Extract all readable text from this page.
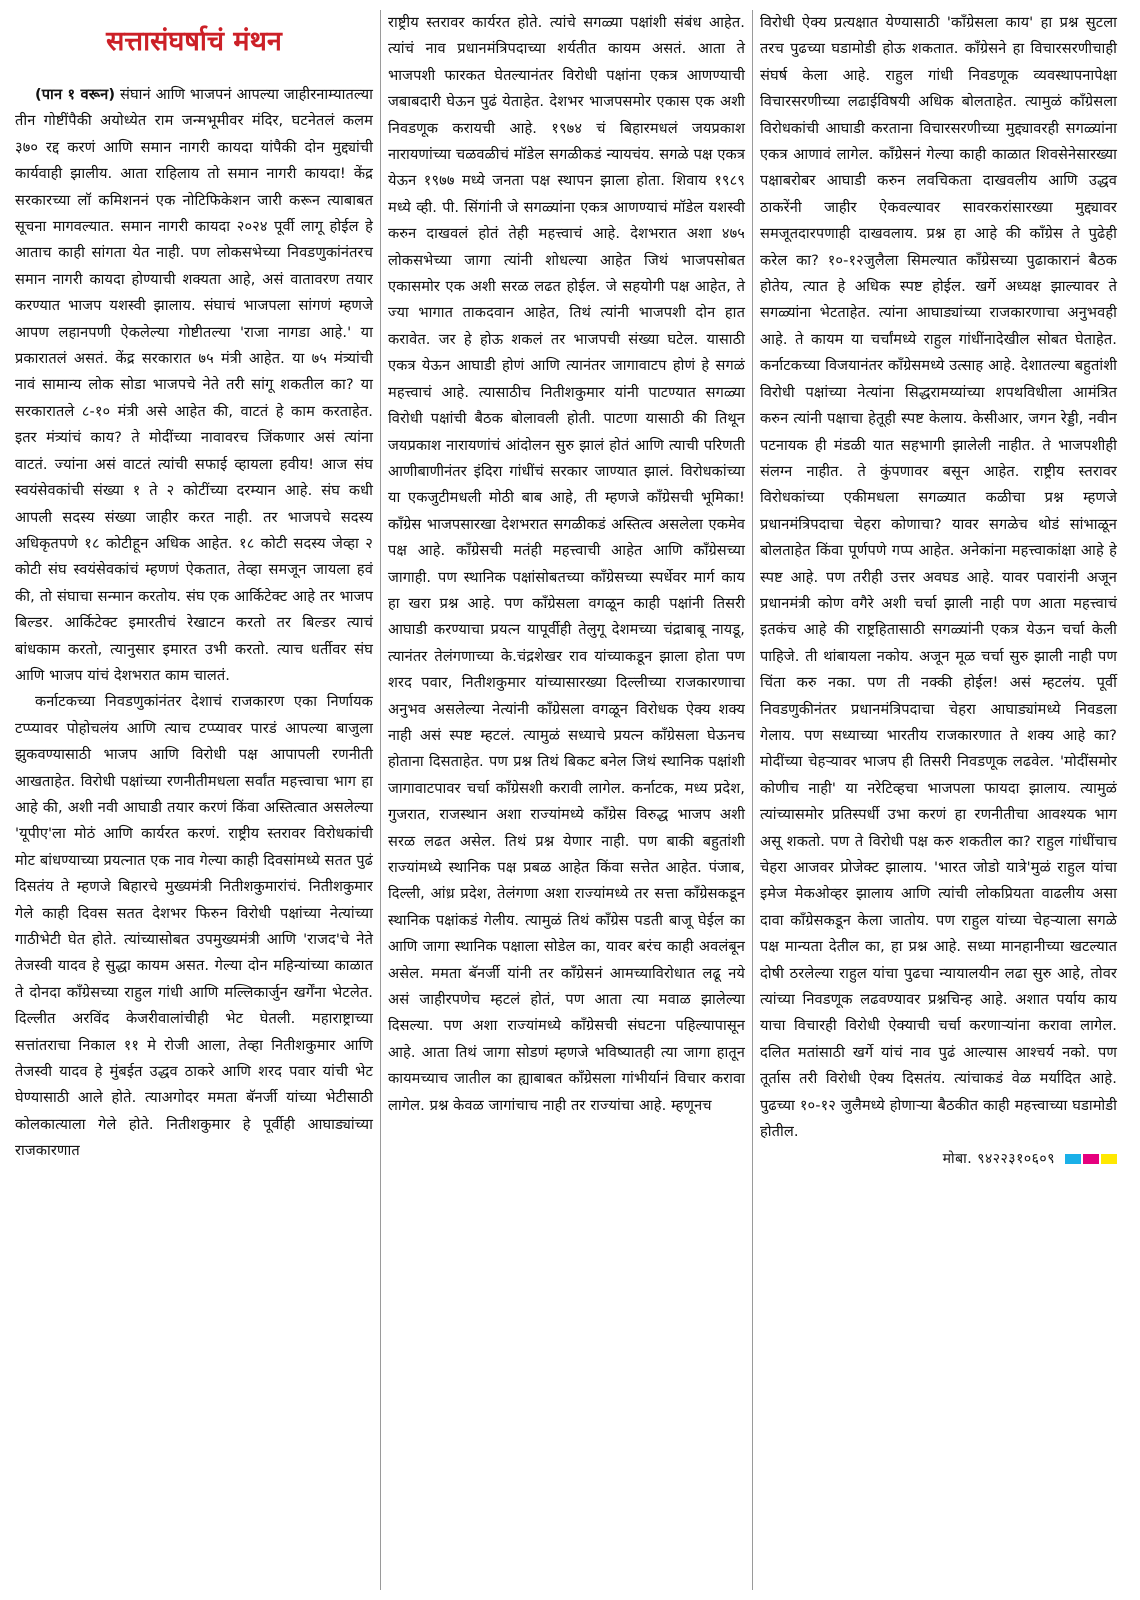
सत्तासंघर्षाचं मंथन

(पान १ वरून) संघानं आणि भाजपनं आपल्या जाहीरनाम्यातल्या तीन गोष्टींपैकी अयोध्येत राम जन्मभूमीवर मंदिर, घटनेतलं कलम ३७० रद्द करणं आणि समान नागरी कायदा यांपैकी दोन मुद्द्यांची कार्यवाही झालीय. आता राहिलाय तो समान नागरी कायदा! केंद्र सरकारच्या लॉ कमिशननं एक नोटिफिकेशन जारी करून त्याबाबत सूचना मागवल्यात. समान नागरी कायदा २०२४ पूर्वी लागू होईल हे आताच काही सांगता येत नाही. पण लोकसभेच्या निवडणुकांनंतरच समान नागरी कायदा होण्याची शक्यता आहे, असं वातावरण तयार करण्यात भाजप यशस्वी झालाय. संघाचं भाजपला सांगणं म्हणजे आपण लहानपणी ऐकलेल्या गोष्टीतल्या 'राजा नागडा आहे.' या प्रकारातलं असतं. केंद्र सरकारात ७५ मंत्री आहेत. या ७५ मंत्र्यांची नावं सामान्य लोक सोडा भाजपचे नेते तरी सांगू शकतील का? या सरकारातले ८-१० मंत्री असे आहेत की, वाटतं हे काम करताहेत. इतर मंत्र्यांचं काय? ते मोदींच्या नावावरच जिंकणार असं त्यांना वाटतं. ज्यांना असं वाटतं त्यांची सफाई व्हायला हवीय! आज संघ स्वयंसेवकांची संख्या १ ते २ कोटींच्या दरम्यान आहे. संघ कधी आपली सदस्य संख्या जाहीर करत नाही. तर भाजपचे सदस्य अधिकृतपणे १८ कोटीहून अधिक आहेत. १८ कोटी सदस्य जेव्हा २ कोटी संघ स्वयंसेवकांचं म्हणणं ऐकतात, तेव्हा समजून जायला हवं की, तो संघाचा सन्मान करतोय. संघ एक आर्किटेक्ट आहे तर भाजप बिल्डर. आर्किटेक्ट इमारतीचं रेखाटन करतो तर बिल्डर त्याचं बांधकाम करतो, त्यानुसार इमारत उभी करतो. त्याच धर्तीवर संघ आणि भाजप यांचं देशभरात काम चालतं.

कर्नाटकच्या निवडणुकांनंतर देशाचं राजकारण एका निर्णायक टप्प्यावर पोहोचलंय आणि त्याच टप्प्यावर पारडं आपल्या बाजुला झुकवण्यासाठी भाजप आणि विरोधी पक्ष आपापली रणनीती आखताहेत. विरोधी पक्षांच्या रणनीतीमधला सर्वांत महत्त्वाचा भाग हा आहे की, अशी नवी आघाडी तयार करणं किंवा अस्तित्वात असलेल्या 'यूपीए'ला मोठं आणि कार्यरत करणं. राष्ट्रीय स्तरावर विरोधकांची मोट बांधण्याच्या प्रयत्नात एक नाव गेल्या काही दिवसांमध्ये सतत पुढं दिसतंय ते म्हणजे बिहारचे मुख्यमंत्री नितीशकुमारांचं. नितीशकुमार गेले काही दिवस सतत देशभर फिरुन विरोधी पक्षांच्या नेत्यांच्या गाठीभेटी घेत होते. त्यांच्यासोबत उपमुख्यमंत्री आणि 'राजद'चे नेते तेजस्वी यादव हे सुद्धा कायम असत. गेल्या दोन महिन्यांच्या काळात ते दोनदा काँग्रेसच्या राहुल गांधी आणि मल्लिकार्जुन खर्गेंना भेटलेत. दिल्लीत अरविंद केजरीवालांचीही भेट घेतली. महाराष्ट्राच्या सत्तांतराचा निकाल ११ मे रोजी आला, तेव्हा नितीशकुमार आणि तेजस्वी यादव हे मुंबईत उद्धव ठाकरे आणि शरद पवार यांची भेट घेण्यासाठी आले होते. त्याअगोदर ममता बॅनर्जी यांच्या भेटीसाठी कोलकात्याला गेले होते. नितीशकुमार हे पूर्वीही आघाड्यांच्या राजकारणात

राष्ट्रीय स्तरावर कार्यरत होते. त्यांचे सगळ्या पक्षांशी संबंध आहेत. त्यांचं नाव प्रधानमंत्रिपदाच्या शर्यतीत कायम असतं. आता ते भाजपशी फारकत घेतल्यानंतर विरोधी पक्षांना एकत्र आणण्याची जबाबदारी घेऊन पुढं येताहेत. देशभर भाजपसमोर एकास एक अशी निवडणूक करायची आहे. १९७४ चं बिहारमधलं जयप्रकाश नारायणांच्या चळवळीचं मॉडेल सगळीकडं न्यायचंय. सगळे पक्ष एकत्र येऊन १९७७ मध्ये जनता पक्ष स्थापन झाला होता. शिवाय १९८९ मध्ये व्ही. पी. सिंगांनी जे सगळ्यांना एकत्र आणण्याचं मॉडेल यशस्वी करुन दाखवलं होतं तेही महत्त्वाचं आहे. देशभरात अशा ४७५ लोकसभेच्या जागा त्यांनी शोधल्या आहेत जिथं भाजपसोबत एकासमोर एक अशी सरळ लढत होईल. जे सहयोगी पक्ष आहेत, ते ज्या भागात ताकदवान आहेत, तिथं त्यांनी भाजपशी दोन हात करावेत. जर हे होऊ शकलं तर भाजपची संख्या घटेल. यासाठी एकत्र येऊन आघाडी होणं आणि त्यानंतर जागावाटप होणं हे सगळं महत्त्वाचं आहे. त्यासाठीच नितीशकुमार यांनी पाटण्यात सगळ्या विरोधी पक्षांची बैठक बोलावली होती. पाटणा यासाठी की तिथून जयप्रकाश नारायणांचं आंदोलन सुरु झालं होतं आणि त्याची परिणती आणीबाणीनंतर इंदिरा गांधींचं सरकार जाण्यात झालं. विरोधकांच्या या एकजुटीमधली मोठी बाब आहे, ती म्हणजे काँग्रेसची भूमिका! काँग्रेस भाजपसारखा देशभरात सगळीकडं अस्तित्व असलेला एकमेव पक्ष आहे. काँग्रेसची मतंही महत्त्वाची आहेत आणि काँग्रेसच्या जागाही. पण स्थानिक पक्षांसोबतच्या काँग्रेसच्या स्पर्धेवर मार्ग काय हा खरा प्रश्न आहे. पण काँग्रेसला वगळून काही पक्षांनी तिसरी आघाडी करण्याचा प्रयत्न यापूर्वीही तेलुगू देशमच्या चंद्राबाबू नायडू, त्यानंतर तेलंगणाच्या के.चंद्रशेखर राव यांच्याकडून झाला होता पण शरद पवार, नितीशकुमार यांच्यासारख्या दिल्लीच्या राजकारणाचा अनुभव असलेल्या नेत्यांनी काँग्रेसला वगळून विरोधक ऐक्य शक्य नाही असं स्पष्ट म्हटलं. त्यामुळं सध्याचे प्रयत्न काँग्रेसला घेऊनच होताना दिसताहेत. पण प्रश्न तिथं बिकट बनेल जिथं स्थानिक पक्षांशी जागावाटपावर चर्चा काँग्रेसशी करावी लागेल. कर्नाटक, मध्य प्रदेश, गुजरात, राजस्थान अशा राज्यांमध्ये काँग्रेस विरुद्ध भाजप अशी सरळ लढत असेल. तिथं प्रश्न येणार नाही. पण बाकी बहुतांशी राज्यांमध्ये स्थानिक पक्ष प्रबळ आहेत किंवा सत्तेत आहेत. पंजाब, दिल्ली, आंध्र प्रदेश, तेलंगणा अशा राज्यांमध्ये तर सत्ता काँग्रेसकडून स्थानिक पक्षांकडं गेलीय. त्यामुळं तिथं काँग्रेस पडती बाजू घेईल का आणि जागा स्थानिक पक्षाला सोडेल का, यावर बरंच काही अवलंबून असेल. ममता बॅनर्जी यांनी तर काँग्रेसनं आमच्याविरोधात लढू नये असं जाहीरपणेच म्हटलं होतं, पण आता त्या मवाळ झालेल्या दिसल्या. पण अशा राज्यांमध्ये काँग्रेसची संघटना पहिल्यापासून आहे. आता तिथं जागा सोडणं म्हणजे भविष्यातही त्या जागा हातून कायमच्याच जातील का ह्याबाबत काँग्रेसला गांभीर्यानं विचार करावा लागेल. प्रश्न केवळ जागांचाच नाही तर राज्यांचा आहे. म्हणूनच

विरोधी ऐक्य प्रत्यक्षात येण्यासाठी 'काँग्रेसला काय' हा प्रश्न सुटला तरच पुढच्या घडामोडी होऊ शकतात. काँग्रेसने हा विचारसरणीचाही संघर्ष केला आहे. राहुल गांधी निवडणूक व्यवस्थापनापेक्षा विचारसरणीच्या लढाईविषयी अधिक बोलताहेत. त्यामुळं काँग्रेसला विरोधकांची आघाडी करताना विचारसरणीच्या मुद्द्यावरही सगळ्यांना एकत्र आणावं लागेल. काँग्रेसनं गेल्या काही काळात शिवसेनेसारख्या पक्षाबरोबर आघाडी करुन लवचिकता दाखवलीय आणि उद्धव ठाकरेंनी जाहीर ऐकवल्यावर सावरकरांसारख्या मुद्द्यावर समजूतदारपणाही दाखवलाय. प्रश्न हा आहे की काँग्रेस ते पुढेही करेल का? १०-१२जुलैला सिमल्यात काँग्रेसच्या पुढाकारानं बैठक होतेय, त्यात हे अधिक स्पष्ट होईल. खर्गे अध्यक्ष झाल्यावर ते सगळ्यांना भेटताहेत. त्यांना आघाड्यांच्या राजकारणाचा अनुभवही आहे. ते कायम या चर्चांमध्ये राहुल गांधींनादेखील सोबत घेताहेत. कर्नाटकच्या विजयानंतर काँग्रेसमध्ये उत्साह आहे. देशातल्या बहुतांशी विरोधी पक्षांच्या नेत्यांना सिद्धरामय्यांच्या शपथविधीला आमंत्रित करुन त्यांनी पक्षाचा हेतूही स्पष्ट केलाय. केसीआर, जगन रेड्डी, नवीन पटनायक ही मंडळी यात सहभागी झालेली नाहीत. ते भाजपशीही संलग्न नाहीत. ते कुंपणावर बसून आहेत. राष्ट्रीय स्तरावर विरोधकांच्या एकीमधला सगळ्यात कळीचा प्रश्न म्हणजे प्रधानमंत्रिपदाचा चेहरा कोणाचा? यावर सगळेच थोडं सांभाळून बोलताहेत किंवा पूर्णपणे गप्प आहेत. अनेकांना महत्त्वाकांक्षा आहे हे स्पष्ट आहे. पण तरीही उत्तर अवघड आहे. यावर पवारांनी अजून प्रधानमंत्री कोण वगैरे अशी चर्चा झाली नाही पण आता महत्त्वाचं इतकंच आहे की राष्ट्रहितासाठी सगळ्यांनी एकत्र येऊन चर्चा केली पाहिजे. ती थांबायला नकोय. अजून मूळ चर्चा सुरु झाली नाही पण चिंता करु नका. पण ती नक्की होईल! असं म्हटलंय. पूर्वी निवडणुकीनंतर प्रधानमंत्रिपदाचा चेहरा आघाड्यांमध्ये निवडला गेलाय. पण सध्याच्या भारतीय राजकारणात ते शक्य आहे का? मोदींच्या चेहऱ्यावर भाजप ही तिसरी निवडणूक लढवेल. 'मोदींसमोर कोणीच नाही' या नरेटिव्हचा भाजपला फायदा झालाय. त्यामुळं त्यांच्यासमोर प्रतिस्पर्धी उभा करणं हा रणनीतीचा आवश्यक भाग असू शकतो. पण ते विरोधी पक्ष करु शकतील का? राहुल गांधींचाच चेहरा आजवर प्रोजेक्ट झालाय. 'भारत जोडो यात्रे'मुळं राहुल यांचा इमेज मेकओव्हर झालाय आणि त्यांची लोकप्रियता वाढलीय असा दावा काँग्रेसकडून केला जातोय. पण राहुल यांच्या चेहऱ्याला सगळे पक्ष मान्यता देतील का, हा प्रश्न आहे. सध्या मानहानीच्या खटल्यात दोषी ठरलेल्या राहुल यांचा पुढचा न्यायालयीन लढा सुरु आहे, तोवर त्यांच्या निवडणूक लढवण्यावर प्रश्नचिन्ह आहे. अशात पर्याय काय याचा विचारही विरोधी ऐक्याची चर्चा करणाऱ्यांना करावा लागेल. दलित मतांसाठी खर्गे यांचं नाव पुढं आल्यास आश्चर्य नको. पण तूर्तास तरी विरोधी ऐक्य दिसतंय. त्यांचाकडं वेळ मर्यादित आहे. पुढच्या १०-१२ जुलैमध्ये होणाऱ्या बैठकीत काही महत्त्वाच्या घडामोडी होतील.

मोबा. ९४२२३१०६०९
